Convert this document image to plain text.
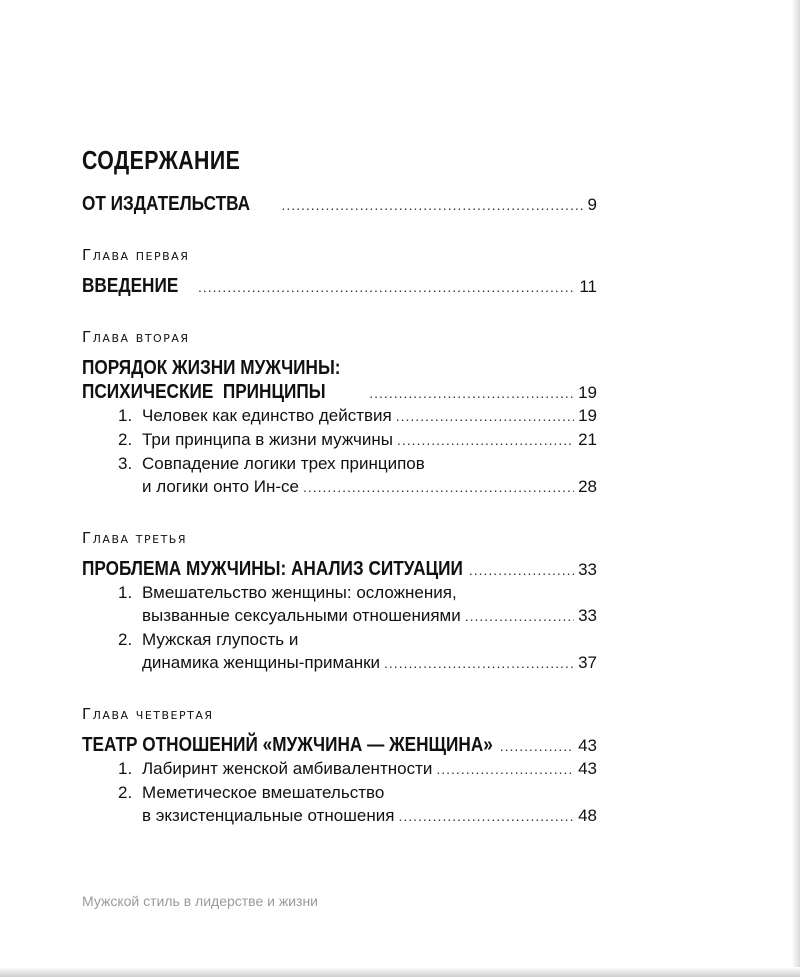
СОДЕРЖАНИЕ
ОТ ИЗДАТЕЛЬСТВА .....	9
Глава первая
ВВЕДЕНИЕ .....	11
Глава вторая
ПОРЯДОК ЖИЗНИ МУЖЧИНЫ:
ПСИХИЧЕСКИЕ  ПРИНЦИПЫ .....	19
1. Человек как единство действия .....	19
2. Три принципа в жизни мужчины .....	21
3. Совпадение логики трех принципов
и логики онто Ин-се .....	28
Глава третья
ПРОБЛЕМА МУЖЧИНЫ: АНАЛИЗ СИТУАЦИИ .....	33
1. Вмешательство женщины: осложнения,
вызванные сексуальными отношениями .....	33
2. Мужская глупость и
динамика женщины-приманки .....	37
Глава четвертая
ТЕАТР ОТНОШЕНИЙ «МУЖЧИНА — ЖЕНЩИНА» .....	43
1. Лабиринт женской амбивалентности .....	43
2. Меметическое вмешательство
в экзистенциальные отношения .....	48
Мужской стиль в лидерстве и жизни
